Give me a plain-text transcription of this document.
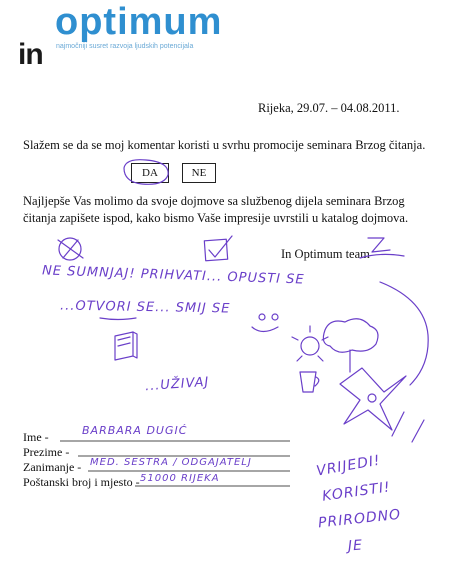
optimum
najmočniji susret razvoja ljudskih potencijala
in
Rijeka, 29.07. – 04.08.2011.
Slažem se da se moj komentar koristi u svrhu promocije seminara Brzog čitanja.
DA	NE
Najljepše Vas molimo da svoje dojmove sa službenog dijela seminara Brzog
čitanja zapišete ispod, kako bismo Vaše impresije uvrstili u katalog dojmova.
In Optimum team
NE SUMNJAJ! PRIHVATI... OPUSTI SE
...OTVORI SE... SMIJ SE
...UŽIVAJ
VRIJEDI!
KORISTI!
PRIRODNO
JE
Ime -
Prezime -
Zanimanje -
Poštanski broj i mjesto -
BARBARA DUGIĆ
MED. SESTRA / ODGAJATELJ
51000 RIJEKA
